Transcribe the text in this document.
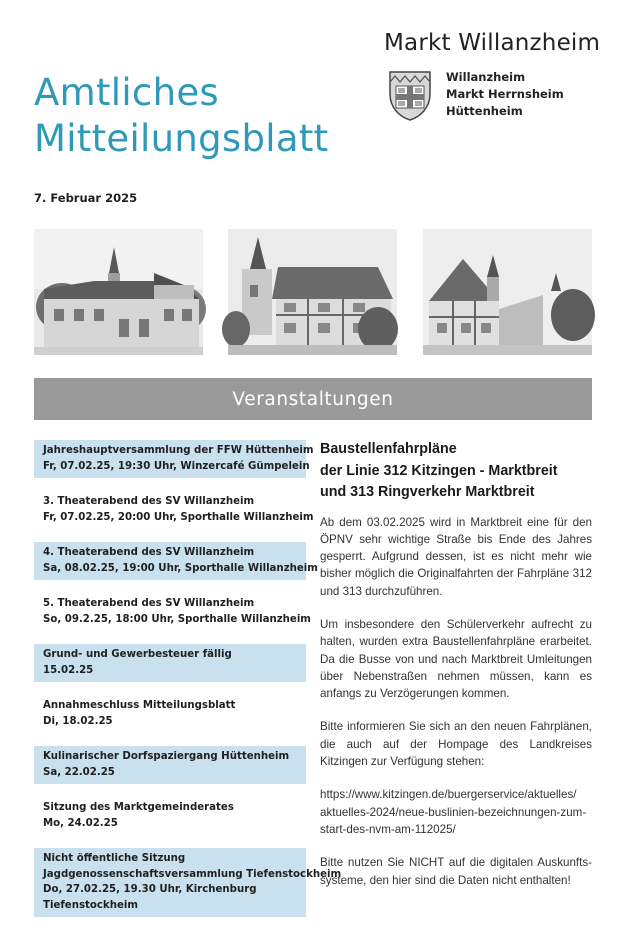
Amtliches
Mitteilungsblatt
Markt Willanzheim
Willanzheim
Markt Herrnsheim
Hüttenheim
7. Februar 2025
Veranstaltungen
Jahreshauptversammlung der FFW Hüttenheim
Fr, 07.02.25, 19:30 Uhr, Winzercafé Gümpelein
3. Theaterabend des SV Willanzheim
Fr, 07.02.25, 20:00 Uhr, Sporthalle Willanzheim
4. Theaterabend des SV Willanzheim
Sa, 08.02.25, 19:00 Uhr, Sporthalle Willanzheim
5. Theaterabend des SV Willanzheim
So, 09.2.25, 18:00 Uhr, Sporthalle Willanzheim
Grund- und Gewerbesteuer fällig
15.02.25
Annahmeschluss Mitteilungsblatt
Di, 18.02.25
Kulinarischer Dorfspaziergang Hüttenheim
Sa, 22.02.25
Sitzung des Marktgemeinderates
Mo, 24.02.25
Nicht öffentliche Sitzung
Jagdgenossenschaftsversammlung Tiefenstockheim
Do, 27.02.25, 19.30 Uhr, Kirchenburg
Tiefenstockheim
Baustellenfahrpläne
der Linie 312 Kitzingen - Marktbreit
und 313 Ringverkehr Marktbreit

Ab dem 03.02.2025 wird in Marktbreit eine für den ÖPNV sehr wichtige Straße bis Ende des Jahres gesperrt. Aufgrund dessen, ist es nicht mehr wie bisher möglich die Originalfahrten der Fahrpläne 312 und 313 durchzuführen.

Um insbesondere den Schülerverkehr aufrecht zu halten, wurden extra Baustellenfahrpläne erarbeitet. Da die Busse von und nach Marktbreit Umleitungen über Nebenstraßen nehmen müssen, kann es anfangs zu Verzögerungen kommen.

Bitte informieren Sie sich an den neuen Fahrplänen, die auch auf der Hompage des Landkreises Kitzingen zur Verfügung stehen:

https://www.kitzingen.de/buergerservice/aktuelles/
aktuelles-2024/neue-buslinien-bezeichnungen-zum-
start-des-nvm-am-112025/

Bitte nutzen Sie NICHT auf die digitalen Auskunfts-systeme, den hier sind die Daten nicht enthalten!
